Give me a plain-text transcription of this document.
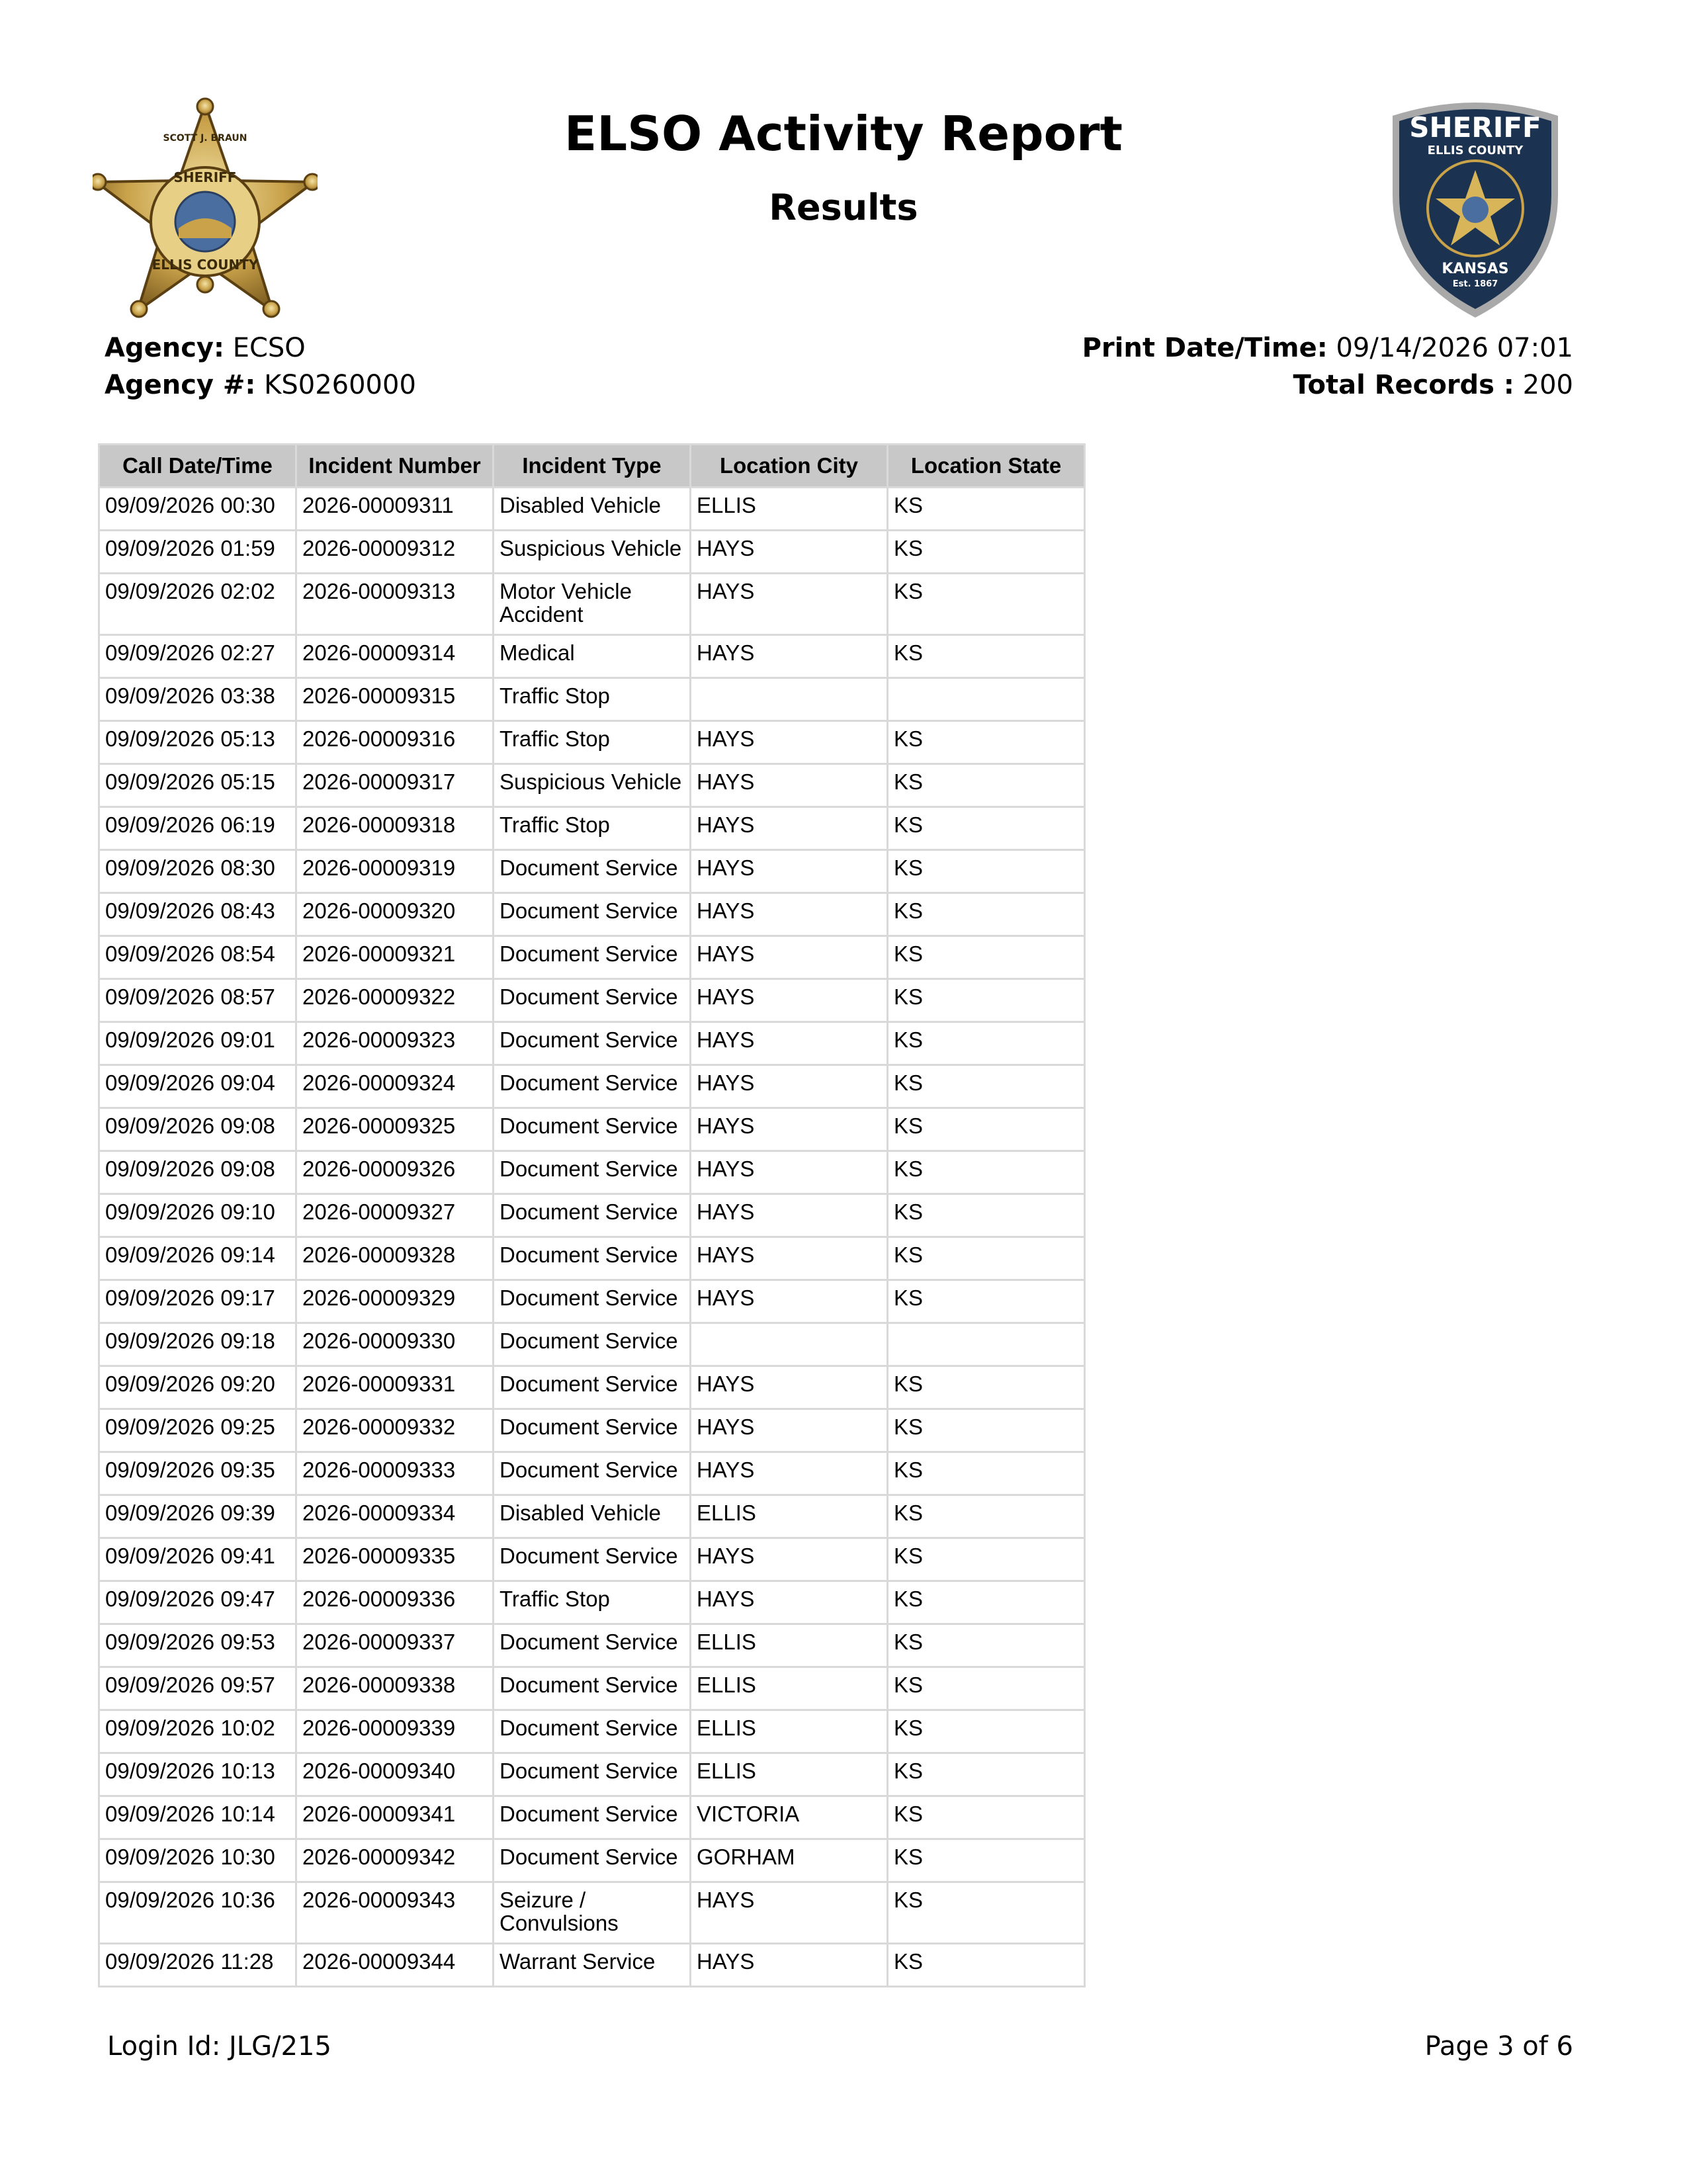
SHERIFF
ELLIS COUNTY
SCOTT J. BRAUN	SHERIFF
ELLIS COUNTY
KANSAS
Est. 1867
ELSO Activity Report
Results
Agency: ECSO
Agency #: KS0260000
Print Date/Time: 09/14/2026 07:01
Total Records : 200
Call Date/Time	Incident Number	Incident Type	Location City	Location State
09/09/2026 00:30	2026-00009311	Disabled Vehicle	ELLIS	KS
09/09/2026 01:59	2026-00009312	Suspicious Vehicle	HAYS	KS
09/09/2026 02:02	2026-00009313	Motor Vehicle Accident	HAYS	KS
09/09/2026 02:27	2026-00009314	Medical	HAYS	KS
09/09/2026 03:38	2026-00009315	Traffic Stop		
09/09/2026 05:13	2026-00009316	Traffic Stop	HAYS	KS
09/09/2026 05:15	2026-00009317	Suspicious Vehicle	HAYS	KS
09/09/2026 06:19	2026-00009318	Traffic Stop	HAYS	KS
09/09/2026 08:30	2026-00009319	Document Service	HAYS	KS
09/09/2026 08:43	2026-00009320	Document Service	HAYS	KS
09/09/2026 08:54	2026-00009321	Document Service	HAYS	KS
09/09/2026 08:57	2026-00009322	Document Service	HAYS	KS
09/09/2026 09:01	2026-00009323	Document Service	HAYS	KS
09/09/2026 09:04	2026-00009324	Document Service	HAYS	KS
09/09/2026 09:08	2026-00009325	Document Service	HAYS	KS
09/09/2026 09:08	2026-00009326	Document Service	HAYS	KS
09/09/2026 09:10	2026-00009327	Document Service	HAYS	KS
09/09/2026 09:14	2026-00009328	Document Service	HAYS	KS
09/09/2026 09:17	2026-00009329	Document Service	HAYS	KS
09/09/2026 09:18	2026-00009330	Document Service		
09/09/2026 09:20	2026-00009331	Document Service	HAYS	KS
09/09/2026 09:25	2026-00009332	Document Service	HAYS	KS
09/09/2026 09:35	2026-00009333	Document Service	HAYS	KS
09/09/2026 09:39	2026-00009334	Disabled Vehicle	ELLIS	KS
09/09/2026 09:41	2026-00009335	Document Service	HAYS	KS
09/09/2026 09:47	2026-00009336	Traffic Stop	HAYS	KS
09/09/2026 09:53	2026-00009337	Document Service	ELLIS	KS
09/09/2026 09:57	2026-00009338	Document Service	ELLIS	KS
09/09/2026 10:02	2026-00009339	Document Service	ELLIS	KS
09/09/2026 10:13	2026-00009340	Document Service	ELLIS	KS
09/09/2026 10:14	2026-00009341	Document Service	VICTORIA	KS
09/09/2026 10:30	2026-00009342	Document Service	GORHAM	KS
09/09/2026 10:36	2026-00009343	Seizure / Convulsions	HAYS	KS
09/09/2026 11:28	2026-00009344	Warrant Service	HAYS	KS
Login Id: JLG/215	Page 3 of 6
